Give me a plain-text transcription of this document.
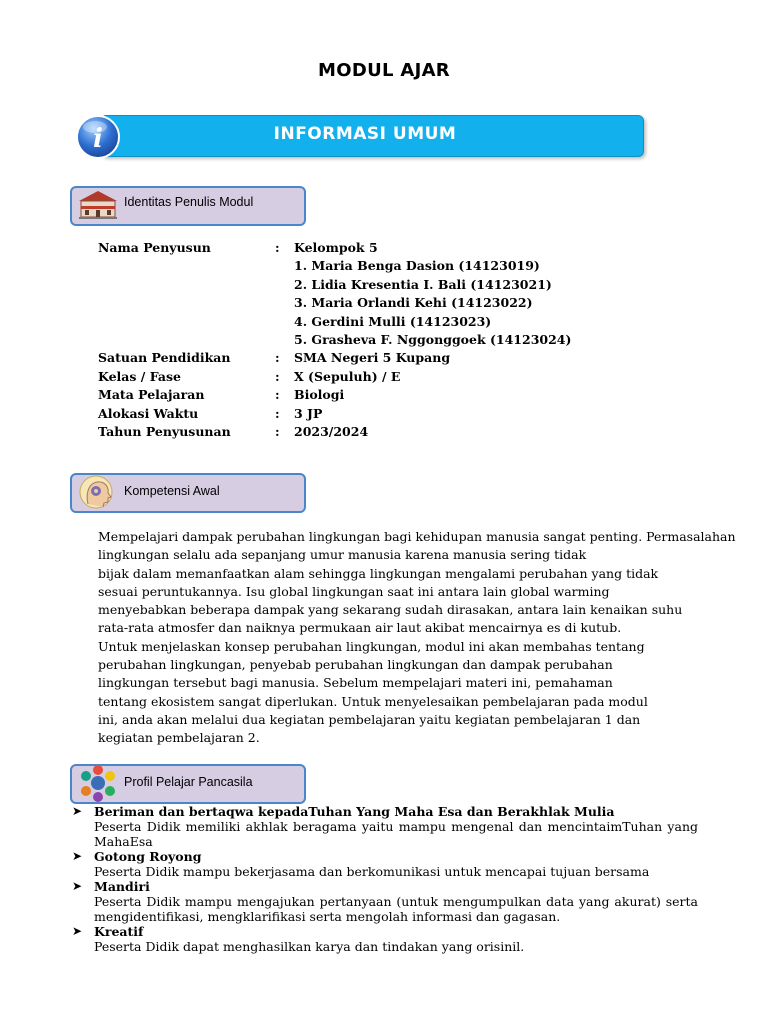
MODUL AJAR
i	INFORMASI UMUM
Identitas Penulis Modul
Nama Penyusun	: Kelompok 5
1. Maria Benga Dasion (14123019)
2. Lidia Kresentia I. Bali (14123021)
3. Maria Orlandi Kehi (14123022)
4. Gerdini Mulli (14123023)
5. Grasheva F. Nggonggoek (14123024)
Satuan Pendidikan	: SMA Negeri 5 Kupang
Kelas / Fase	: X (Sepuluh) / E
Mata Pelajaran	: Biologi
Alokasi Waktu	: 3 JP
Tahun Penyusunan	: 2023/2024
Kompetensi Awal
Mempelajari dampak perubahan lingkungan bagi kehidupan manusia sangat penting. Permasalahan
lingkungan selalu ada sepanjang umur manusia karena manusia sering tidak
bijak dalam memanfaatkan alam sehingga lingkungan mengalami perubahan yang tidak
sesuai peruntukannya. Isu global lingkungan saat ini antara lain global warming
menyebabkan beberapa dampak yang sekarang sudah dirasakan, antara lain kenaikan suhu
rata-rata atmosfer dan naiknya permukaan air laut akibat mencairnya es di kutub.
Untuk menjelaskan konsep perubahan lingkungan, modul ini akan membahas tentang
perubahan lingkungan, penyebab perubahan lingkungan dan dampak perubahan
lingkungan tersebut bagi manusia. Sebelum mempelajari materi ini, pemahaman
tentang ekosistem sangat diperlukan. Untuk menyelesaikan pembelajaran pada modul
ini, anda akan melalui dua kegiatan pembelajaran yaitu kegiatan pembelajaran 1 dan
kegiatan pembelajaran 2.
Profil Pelajar Pancasila
➤ Beriman dan bertaqwa kepadaTuhan Yang Maha Esa dan Berakhlak Mulia
Peserta Didik memiliki akhlak beragama yaitu mampu mengenal dan mencintaimTuhan yang MahaEsa
➤ Gotong Royong
Peserta Didik mampu bekerjasama dan berkomunikasi untuk mencapai tujuan bersama
➤ Mandiri
Peserta Didik mampu mengajukan pertanyaan (untuk mengumpulkan data yang akurat) serta mengidentifikasi, mengklarifikasi serta mengolah informasi dan gagasan.
➤ Kreatif
Peserta Didik dapat menghasilkan karya dan tindakan yang orisinil.
